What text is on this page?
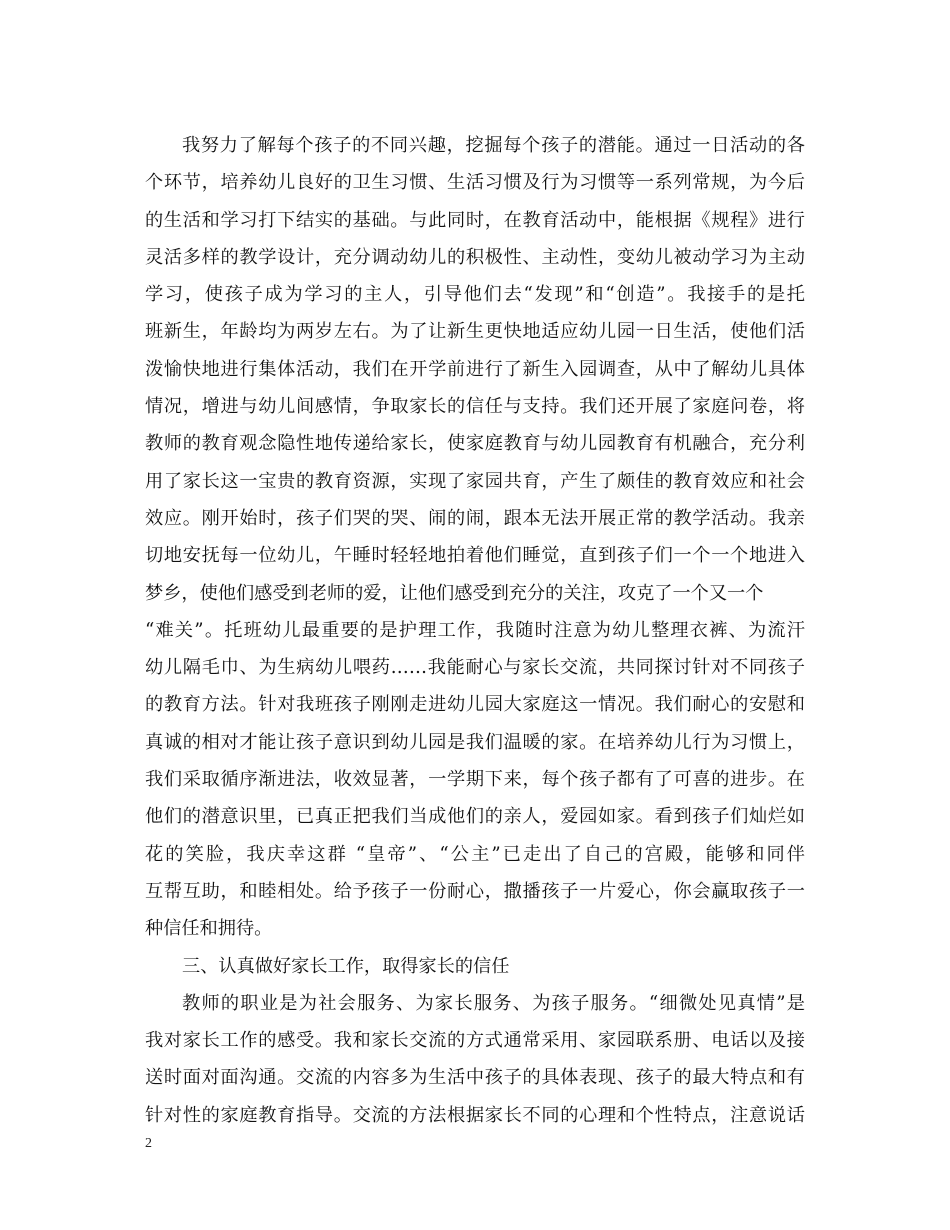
我努力了解每个孩子的不同兴趣，挖掘每个孩子的潜能。通过一日活动的各
个环节，培养幼儿良好的卫生习惯、生活习惯及行为习惯等一系列常规，为今后
的生活和学习打下结实的基础。与此同时，在教育活动中，能根据《规程》进行
灵活多样的教学设计，充分调动幼儿的积极性、主动性，变幼儿被动学习为主动
学习，使孩子成为学习的主人，引导他们去“发现”和“创造”。我接手的是托
班新生，年龄均为两岁左右。为了让新生更快地适应幼儿园一日生活，使他们活
泼愉快地进行集体活动，我们在开学前进行了新生入园调查，从中了解幼儿具体
情况，增进与幼儿间感情，争取家长的信任与支持。我们还开展了家庭问卷，将
教师的教育观念隐性地传递给家长，使家庭教育与幼儿园教育有机融合，充分利
用了家长这一宝贵的教育资源，实现了家园共育，产生了颇佳的教育效应和社会
效应。刚开始时，孩子们哭的哭、闹的闹，跟本无法开展正常的教学活动。我亲
切地安抚每一位幼儿，午睡时轻轻地拍着他们睡觉，直到孩子们一个一个地进入
梦乡，使他们感受到老师的爱，让他们感受到充分的关注，攻克了一个又一个
“难关”。托班幼儿最重要的是护理工作，我随时注意为幼儿整理衣裤、为流汗
幼儿隔毛巾、为生病幼儿喂药……我能耐心与家长交流，共同探讨针对不同孩子
的教育方法。针对我班孩子刚刚走进幼儿园大家庭这一情况。我们耐心的安慰和
真诚的相对才能让孩子意识到幼儿园是我们温暖的家。在培养幼儿行为习惯上，
我们采取循序渐进法，收效显著，一学期下来，每个孩子都有了可喜的进步。在
他们的潜意识里，已真正把我们当成他们的亲人，爱园如家。看到孩子们灿烂如
花的笑脸，我庆幸这群 “皇帝”、“公主”已走出了自己的宫殿，能够和同伴
互帮互助，和睦相处。给予孩子一份耐心，撒播孩子一片爱心，你会赢取孩子一
种信任和拥待。
三、认真做好家长工作，取得家长的信任
教师的职业是为社会服务、为家长服务、为孩子服务。“细微处见真情”是
我对家长工作的感受。我和家长交流的方式通常采用、家园联系册、电话以及接
送时面对面沟通。交流的内容多为生活中孩子的具体表现、孩子的最大特点和有
针对性的家庭教育指导。交流的方法根据家长不同的心理和个性特点，注意说话
2
